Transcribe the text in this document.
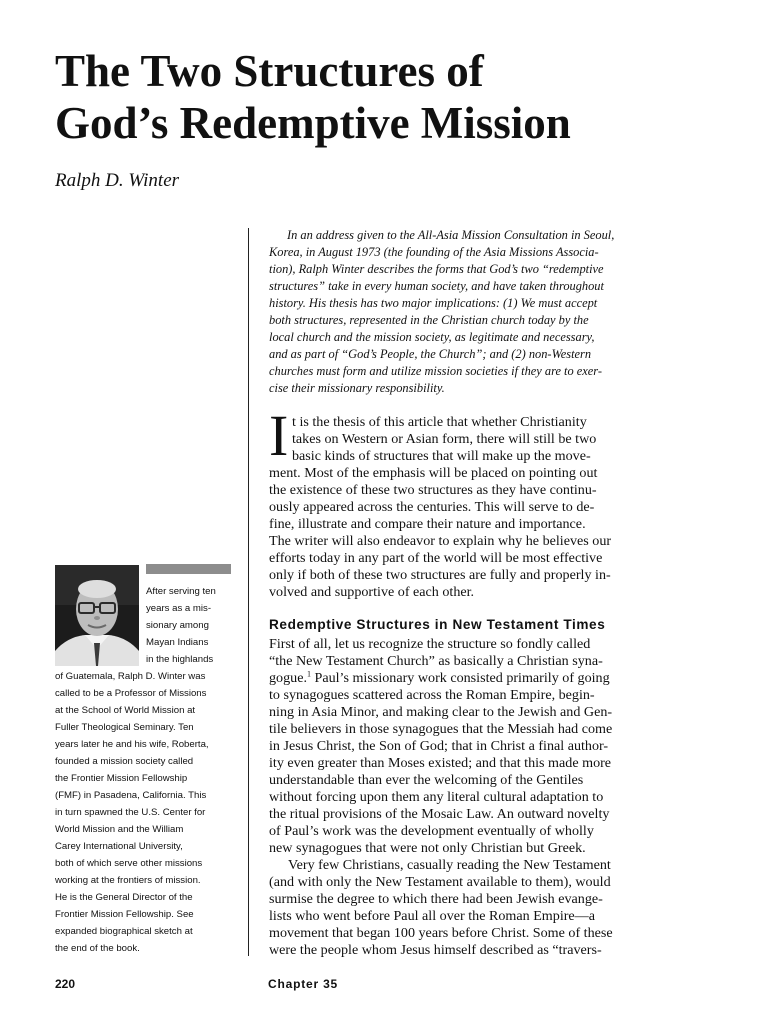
The Two Structures of
God’s Redemptive Mission
Ralph D. Winter

In an address given to the All-Asia Mission Consultation in Seoul,
Korea, in August 1973 (the founding of the Asia Missions Associa-
tion), Ralph Winter describes the forms that God’s two “redemptive
structures” take in every human society, and have taken throughout
history. His thesis has two major implications: (1) We must accept
both structures, represented in the Christian church today by the
local church and the mission society, as legitimate and necessary,
and as part of “God’s People, the Church”; and (2) non-Western
churches must form and utilize mission societies if they are to exer-
cise their missionary responsibility.

I t is the thesis of this article that whether Christianity
takes on Western or Asian form, there will still be two
basic kinds of structures that will make up the move-
ment. Most of the emphasis will be placed on pointing out
the existence of these two structures as they have continu-
ously appeared across the centuries. This will serve to de-
fine, illustrate and compare their nature and importance.
The writer will also endeavor to explain why he believes our
efforts today in any part of the world will be most effective
only if both of these two structures are fully and properly in-
volved and supportive of each other.

Redemptive Structures in New Testament Times

First of all, let us recognize the structure so fondly called
“the New Testament Church” as basically a Christian syna-
gogue.$^1$ Paul’s missionary work consisted primarily of going
to synagogues scattered across the Roman Empire, begin-
ning in Asia Minor, and making clear to the Jewish and Gen-
tile believers in those synagogues that the Messiah had come
in Jesus Christ, the Son of God; that in Christ a final author-
ity even greater than Moses existed; and that this made more
understandable than ever the welcoming of the Gentiles
without forcing upon them any literal cultural adaptation to
the ritual provisions of the Mosaic Law. An outward novelty
of Paul’s work was the development eventually of wholly
new synagogues that were not only Christian but Greek.
Very few Christians, casually reading the New Testament
(and with only the New Testament available to them), would
surmise the degree to which there had been Jewish evange-
lists who went before Paul all over the Roman Empire—a
movement that began 100 years before Christ. Some of these
were the people whom Jesus himself described as “travers-

After serving ten
years as a mis-
sionary among
Mayan Indians
in the highlands
of Guatemala, Ralph D. Winter was
called to be a Professor of Missions
at the School of World Mission at
Fuller Theological Seminary. Ten
years later he and his wife, Roberta,
founded a mission society called
the Frontier Mission Fellowship
(FMF) in Pasadena, California. This
in turn spawned the U.S. Center for
World Mission and the William
Carey International University,
both of which serve other missions
working at the frontiers of mission.
He is the General Director of the
Frontier Mission Fellowship. See
expanded biographical sketch at
the end of the book.

220	Chapter 35
